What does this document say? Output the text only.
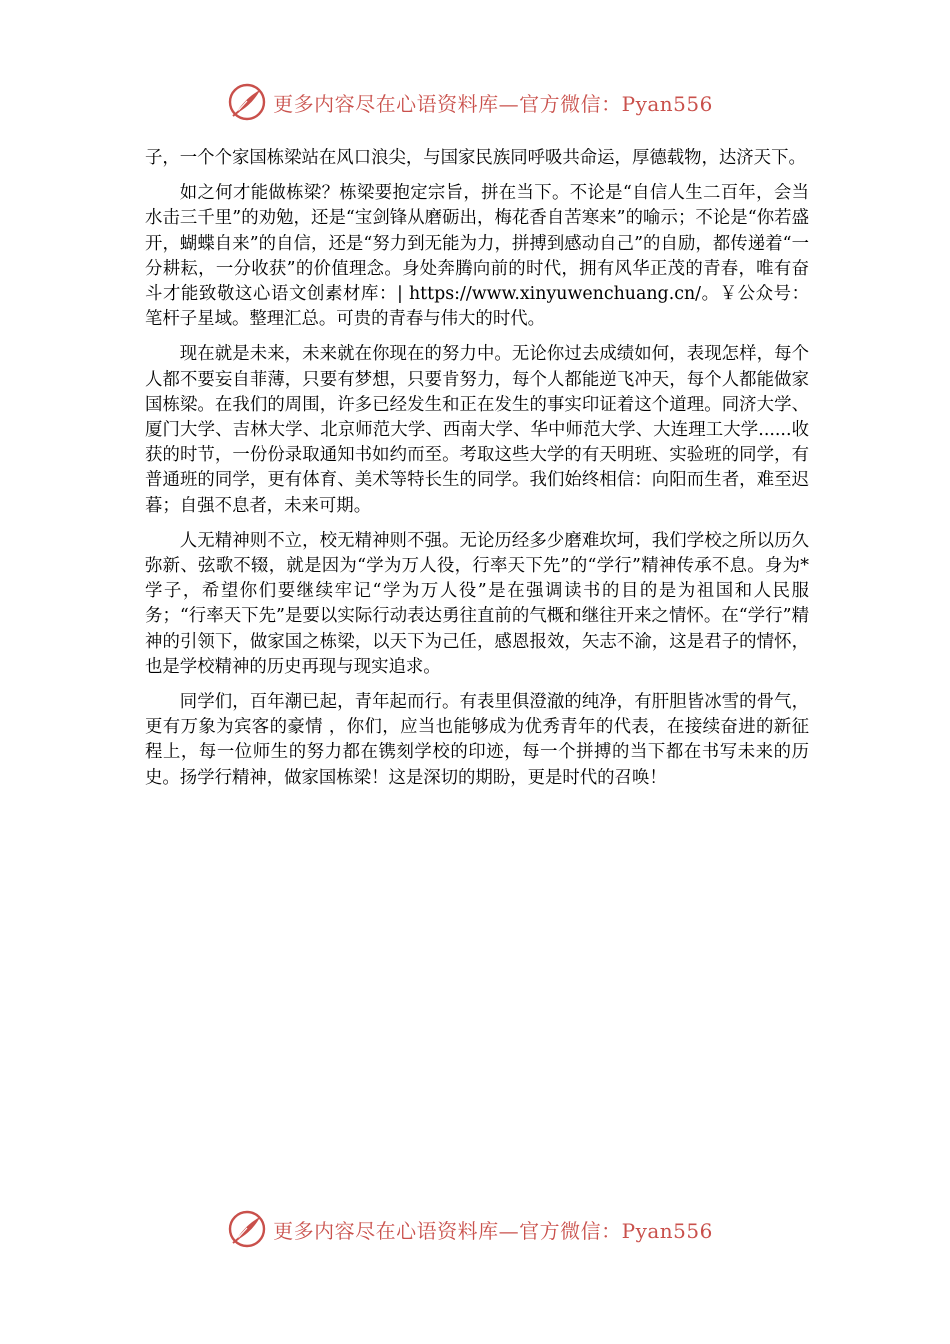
更多内容尽在心语资料库—官方微信：Pyan556

子，一个个家国栋梁站在风口浪尖，与国家民族同呼吸共命运，厚德载物，达济天下。

如之何才能做栋梁？栋梁要抱定宗旨，拼在当下。不论是“自信人生二百年，会当水击三千里”的劝勉，还是“宝剑锋从磨砺出，梅花香自苦寒来”的喻示；不论是“你若盛开，蝴蝶自来”的自信，还是“努力到无能为力，拼搏到感动自己”的自励，都传递着“一分耕耘，一分收获”的价值理念。身处奔腾向前的时代，拥有风华正茂的青春，唯有奋斗才能致敬这心语文创素材库：| https://www.xinyuwenchuang.cn/。￥公众号：笔杆子星域。整理汇总。可贵的青春与伟大的时代。

现在就是未来，未来就在你现在的努力中。无论你过去成绩如何，表现怎样，每个人都不要妄自菲薄，只要有梦想，只要肯努力，每个人都能逆飞冲天，每个人都能做家国栋梁。在我们的周围，许多已经发生和正在发生的事实印证着这个道理。同济大学、厦门大学、吉林大学、北京师范大学、西南大学、华中师范大学、大连理工大学......收获的时节，一份份录取通知书如约而至。考取这些大学的有天明班、实验班的同学，有普通班的同学，更有体育、美术等特长生的同学。我们始终相信：向阳而生者，难至迟暮；自强不息者，未来可期。

人无精神则不立，校无精神则不强。无论历经多少磨难坎坷，我们学校之所以历久弥新、弦歌不辍，就是因为“学为万人役，行率天下先”的“学行”精神传承不息。身为*学子，希望你们要继续牢记“学为万人役”是在强调读书的目的是为祖国和人民服务；“行率天下先”是要以实际行动表达勇往直前的气概和继往开来之情怀。在“学行”精神的引领下，做家国之栋梁，以天下为己任，感恩报效，矢志不渝，这是君子的情怀，也是学校精神的历史再现与现实追求。

同学们，百年潮已起，青年起而行。有表里俱澄澈的纯净，有肝胆皆冰雪的骨气，更有万象为宾客的豪情 ，你们，应当也能够成为优秀青年的代表，在接续奋进的新征程上，每一位师生的努力都在镌刻学校的印迹，每一个拼搏的当下都在书写未来的历史。扬学行精神，做家国栋梁！这是深切的期盼，更是时代的召唤！

更多内容尽在心语资料库—官方微信：Pyan556
